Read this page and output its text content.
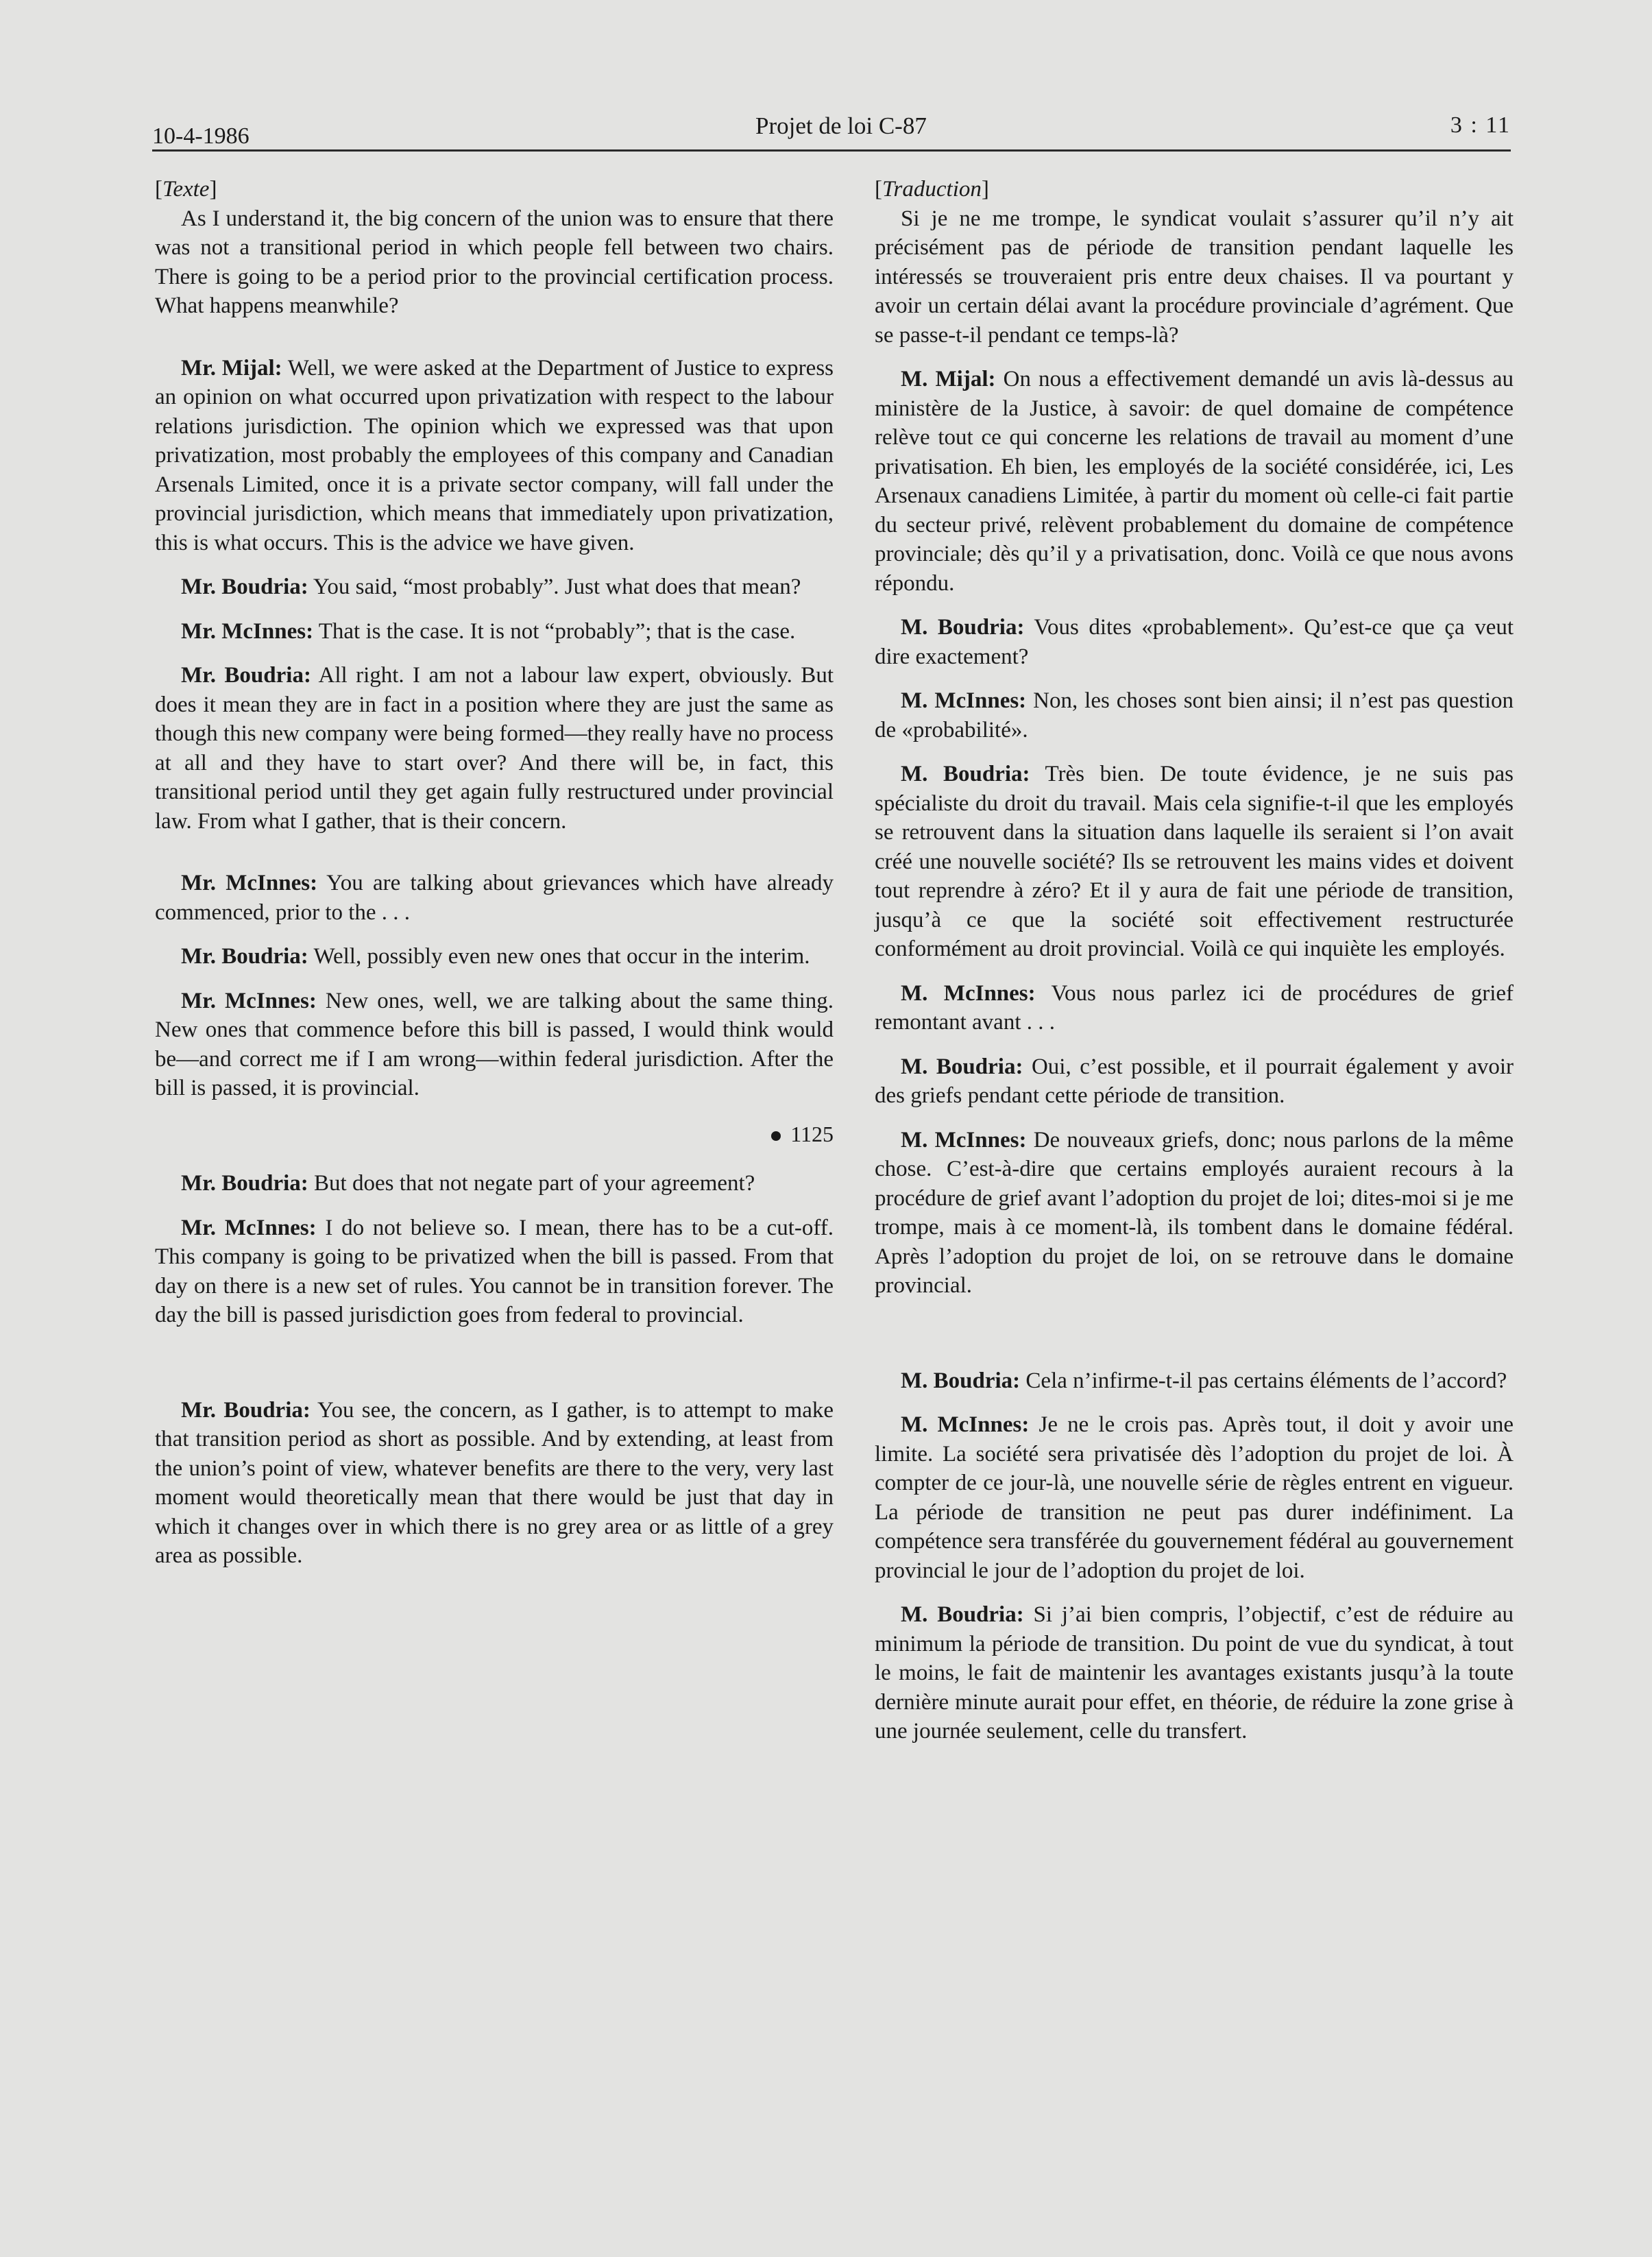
10-4-1986	Projet de loi C-87	3 : 11

[Texte]

As I understand it, the big concern of the union was to ensure that there was not a transitional period in which people fell between two chairs. There is going to be a period prior to the provincial certification process. What happens meanwhile?

Mr. Mijal: Well, we were asked at the Department of Justice to express an opinion on what occurred upon privatization with respect to the labour relations jurisdiction. The opinion which we expressed was that upon privatization, most probably the employees of this company and Canadian Arsenals Limited, once it is a private sector company, will fall under the provincial jurisdiction, which means that immediately upon privatization, this is what occurs. This is the advice we have given.

Mr. Boudria: You said, “most probably”. Just what does that mean?

Mr. McInnes: That is the case. It is not “probably”; that is the case.

Mr. Boudria: All right. I am not a labour law expert, obviously. But does it mean they are in fact in a position where they are just the same as though this new company were being formed—they really have no process at all and they have to start over? And there will be, in fact, this transitional period until they get again fully restructured under provincial law. From what I gather, that is their concern.

Mr. McInnes: You are talking about grievances which have already commenced, prior to the . . .

Mr. Boudria: Well, possibly even new ones that occur in the interim.

Mr. McInnes: New ones, well, we are talking about the same thing. New ones that commence before this bill is passed, I would think would be—and correct me if I am wrong—within federal jurisdiction. After the bill is passed, it is provincial.

1125

Mr. Boudria: But does that not negate part of your agreement?

Mr. McInnes: I do not believe so. I mean, there has to be a cut-off. This company is going to be privatized when the bill is passed. From that day on there is a new set of rules. You cannot be in transition forever. The day the bill is passed jurisdiction goes from federal to provincial.

Mr. Boudria: You see, the concern, as I gather, is to attempt to make that transition period as short as possible. And by extending, at least from the union’s point of view, whatever benefits are there to the very, very last moment would theoretically mean that there would be just that day in which it changes over in which there is no grey area or as little of a grey area as possible.

[Traduction]

Si je ne me trompe, le syndicat voulait s’assurer qu’il n’y ait précisément pas de période de transition pendant laquelle les intéressés se trouveraient pris entre deux chaises. Il va pourtant y avoir un certain délai avant la procédure provinciale d’agrément. Que se passe-t-il pendant ce temps-là?

M. Mijal: On nous a effectivement demandé un avis là-dessus au ministère de la Justice, à savoir: de quel domaine de compétence relève tout ce qui concerne les relations de travail au moment d’une privatisation. Eh bien, les employés de la société considérée, ici, Les Arsenaux canadiens Limitée, à partir du moment où celle-ci fait partie du secteur privé, relèvent probablement du domaine de compétence provinciale; dès qu’il y a privatisation, donc. Voilà ce que nous avons répondu.

M. Boudria: Vous dites «probablement». Qu’est-ce que ça veut dire exactement?

M. McInnes: Non, les choses sont bien ainsi; il n’est pas question de «probabilité».

M. Boudria: Très bien. De toute évidence, je ne suis pas spécialiste du droit du travail. Mais cela signifie-t-il que les employés se retrouvent dans la situation dans laquelle ils seraient si l’on avait créé une nouvelle société? Ils se retrouvent les mains vides et doivent tout reprendre à zéro? Et il y aura de fait une période de transition, jusqu’à ce que la société soit effectivement restructurée conformément au droit provincial. Voilà ce qui inquiète les employés.

M. McInnes: Vous nous parlez ici de procédures de grief remontant avant . . .

M. Boudria: Oui, c’est possible, et il pourrait également y avoir des griefs pendant cette période de transition.

M. McInnes: De nouveaux griefs, donc; nous parlons de la même chose. C’est-à-dire que certains employés auraient recours à la procédure de grief avant l’adoption du projet de loi; dites-moi si je me trompe, mais à ce moment-là, ils tombent dans le domaine fédéral. Après l’adoption du projet de loi, on se retrouve dans le domaine provincial.

M. Boudria: Cela n’infirme-t-il pas certains éléments de l’accord?

M. McInnes: Je ne le crois pas. Après tout, il doit y avoir une limite. La société sera privatisée dès l’adoption du projet de loi. À compter de ce jour-là, une nouvelle série de règles entrent en vigueur. La période de transition ne peut pas durer indéfiniment. La compétence sera transférée du gouvernement fédéral au gouvernement provincial le jour de l’adoption du projet de loi.

M. Boudria: Si j’ai bien compris, l’objectif, c’est de réduire au minimum la période de transition. Du point de vue du syndicat, à tout le moins, le fait de maintenir les avantages existants jusqu’à la toute dernière minute aurait pour effet, en théorie, de réduire la zone grise à une journée seulement, celle du transfert.
